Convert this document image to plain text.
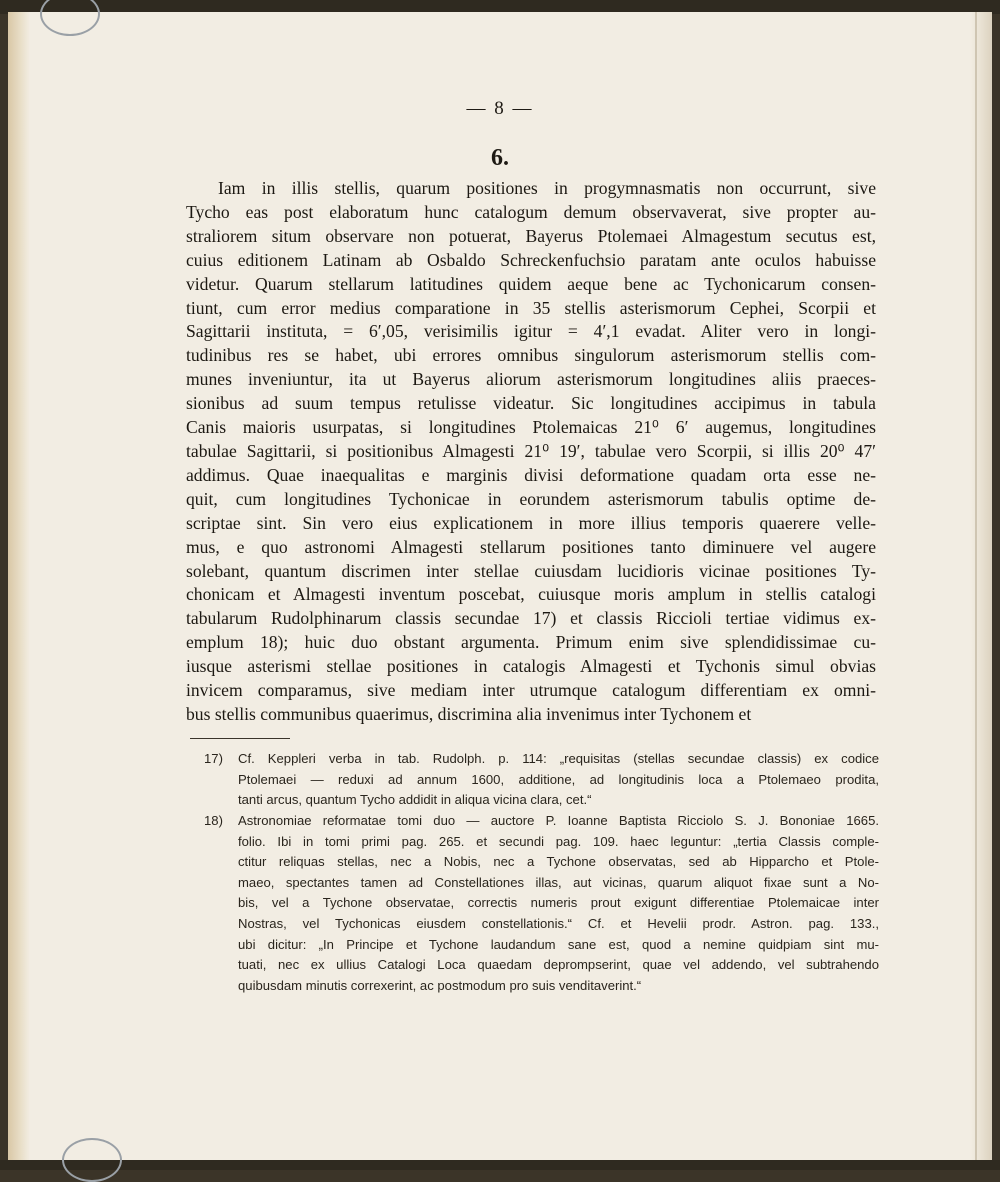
— 8 —
6.
Iam in illis stellis, quarum positiones in progymnasmatis non occurrunt, sive
Tycho eas post elaboratum hunc catalogum demum observaverat, sive propter au-
straliorem situm observare non potuerat, Bayerus Ptolemaei Almagestum secutus est,
cuius editionem Latinam ab Osbaldo Schreckenfuchsio paratam ante oculos habuisse
videtur. Quarum stellarum latitudines quidem aeque bene ac Tychonicarum consen-
tiunt, cum error medius comparatione in 35 stellis asterismorum Cephei, Scorpii et
Sagittarii instituta, = 6′,05, verisimilis igitur = 4′,1 evadat. Aliter vero in longi-
tudinibus res se habet, ubi errores omnibus singulorum asterismorum stellis com-
munes inveniuntur, ita ut Bayerus aliorum asterismorum longitudines aliis praeces-
sionibus ad suum tempus retulisse videatur. Sic longitudines accipimus in tabula
Canis maioris usurpatas, si longitudines Ptolemaicas 21⁰ 6′ augemus, longitudines
tabulae Sagittarii, si positionibus Almagesti 21⁰ 19′, tabulae vero Scorpii, si illis 20⁰ 47′
addimus. Quae inaequalitas e marginis divisi deformatione quadam orta esse ne-
quit, cum longitudines Tychonicae in eorundem asterismorum tabulis optime de-
scriptae sint. Sin vero eius explicationem in more illius temporis quaerere velle-
mus, e quo astronomi Almagesti stellarum positiones tanto diminuere vel augere
solebant, quantum discrimen inter stellae cuiusdam lucidioris vicinae positiones Ty-
chonicam et Almagesti inventum poscebat, cuiusque moris amplum in stellis catalogi
tabularum Rudolphinarum classis secundae 17) et classis Riccioli tertiae vidimus ex-
emplum 18); huic duo obstant argumenta. Primum enim sive splendidissimae cu-
iusque asterismi stellae positiones in catalogis Almagesti et Tychonis simul obvias
invicem comparamus, sive mediam inter utrumque catalogum differentiam ex omni-
bus stellis communibus quaerimus, discrimina alia invenimus inter Tychonem et
17) Cf. Keppleri verba in tab. Rudolph. p. 114: „requisitas (stellas secundae classis) ex codice
Ptolemaei — reduxi ad annum 1600, additione, ad longitudinis loca a Ptolemaeo prodita,
tanti arcus, quantum Tycho addidit in aliqua vicina clara, cet.“
18) Astronomiae reformatae tomi duo — auctore P. Ioanne Baptista Ricciolo S. J. Bononiae 1665.
folio. Ibi in tomi primi pag. 265. et secundi pag. 109. haec leguntur: „tertia Classis comple-
ctitur reliquas stellas, nec a Nobis, nec a Tychone observatas, sed ab Hipparcho et Ptole-
maeo, spectantes tamen ad Constellationes illas, aut vicinas, quarum aliquot fixae sunt a No-
bis, vel a Tychone observatae, correctis numeris prout exigunt differentiae Ptolemaicae inter
Nostras, vel Tychonicas eiusdem constellationis.“ Cf. et Hevelii prodr. Astron. pag. 133.,
ubi dicitur: „In Principe et Tychone laudandum sane est, quod a nemine quidpiam sint mu-
tuati, nec ex ullius Catalogi Loca quaedam deprompserint, quae vel addendo, vel subtrahendo
quibusdam minutis correxerint, ac postmodum pro suis venditaverint.“
